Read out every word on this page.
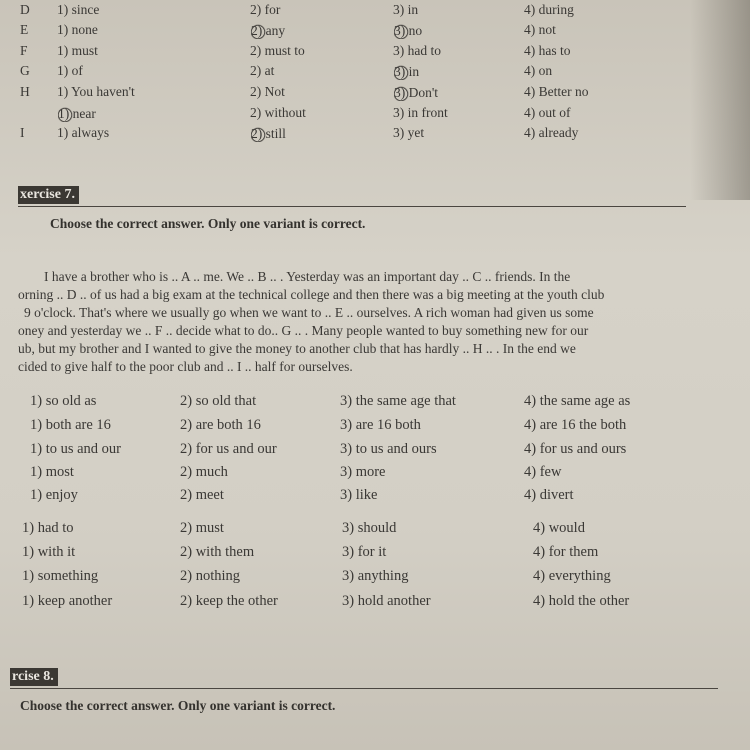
D 1) since	2) for	3) in	4) during
E 1) none	2) any	3) no	4) not
F 1) must	2) must to	3) had to	4) has to
G 1) of	2) at	3) in	4) on
H 1) You haven't	2) Not	3) Don't	4) Better no
1) near	2) without	3) in front	4) out of
I 1) always	2) still	3) yet	4) already
xercise 7.
Choose the correct answer. Only one variant is correct.
I have a brother who is .. A .. me. We .. B .. . Yesterday was an important day .. C .. friends. In the
orning .. D .. of us had a big exam at the technical college and then there was a big meeting at the youth club
9 o'clock. That's where we usually go when we want to .. E .. ourselves. A rich woman had given us some
oney and yesterday we .. F .. decide what to do.. G .. . Many people wanted to buy something new for our
ub, but my brother and I wanted to give the money to another club that has hardly .. H .. . In the end we
cided to give half to the poor club and .. I .. half for ourselves.
1) so old as	2) so old that	3) the same age that	4) the same age as
1) both are 16	2) are both 16	3) are 16 both	4) are 16 the both
1) to us and our	2) for us and our	3) to us and ours	4) for us and ours
1) most	2) much	3) more	4) few
1) enjoy	2) meet	3) like	4) divert
1) had to	2) must	3) should	4) would
1) with it	2) with them	3) for it	4) for them
1) something	2) nothing	3) anything	4) everything
1) keep another	2) keep the other	3) hold another	4) hold the other
rcise 8.
Choose the correct answer. Only one variant is correct.
